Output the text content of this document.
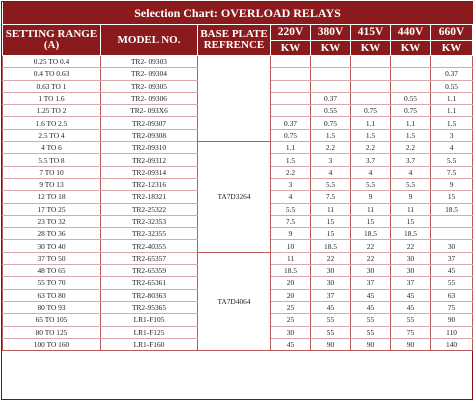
Selection Chart: OVERLOAD RELAYS							
SETTING RANGE (A)	MODEL NO.	BASE PLATE REFRENCE	220V	380V	415V	440V	660V
			KW	KW	KW	KW	KW
0.25 TO 0.4	TR2- 09303						
0.4 TO 0.63	TR2- 09304						0.37
0.63 TO 1	TR2- 09305						0.55
1 TO 1.6	TR2- 09306			0.37		0.55	1.1
1.25 TO 2	TR2- 093X6			0.55	0.75	0.75	1.1
1.6 TO 2.5	TR2-09307		0.37	0.75	1.1	1.1	1.5
2.5 TO 4	TR2-09308		0.75	1.5	1.5	1.5	3
4 TO 6	TR2-09310	TA7D3264	1.1	2.2	2.2	2.2	4
5.5 TO 8	TR2-09312		1.5	3	3.7	3.7	5.5
7 TO 10	TR2-09314		2.2	4	4	4	7.5
9 TO 13	TR2-12316		3	5.5	5.5	5.5	9
12 TO 18	TR2-18321		4	7.5	9	9	15
17 TO 25	TR2-25322		5.5	11	11	11	18.5
23 TO 32	TR2-32353		7.5	15	15	15	
28 TO 36	TR2-32355		9	15	18.5	18.5	
30 TO 40	TR2-40355		10	18.5	22	22	30
37 TO 50	TR2-65357	TA7D4064	11	22	22	30	37
48 TO 65	TR2-65359		18.5	30	30	30	45
55 TO 70	TR2-65361		20	30	37	37	55
63 TO 80	TR2-80363		20	37	45	45	63
80 TO 93	TR2-95365		25	45	45	45	75
65 TO 105	LR1-F105		25	55	55	55	90
80 TO 125	LR1-F125		30	55	55	75	110
100 TO 160	LR1-F160		45	90	90	90	140
